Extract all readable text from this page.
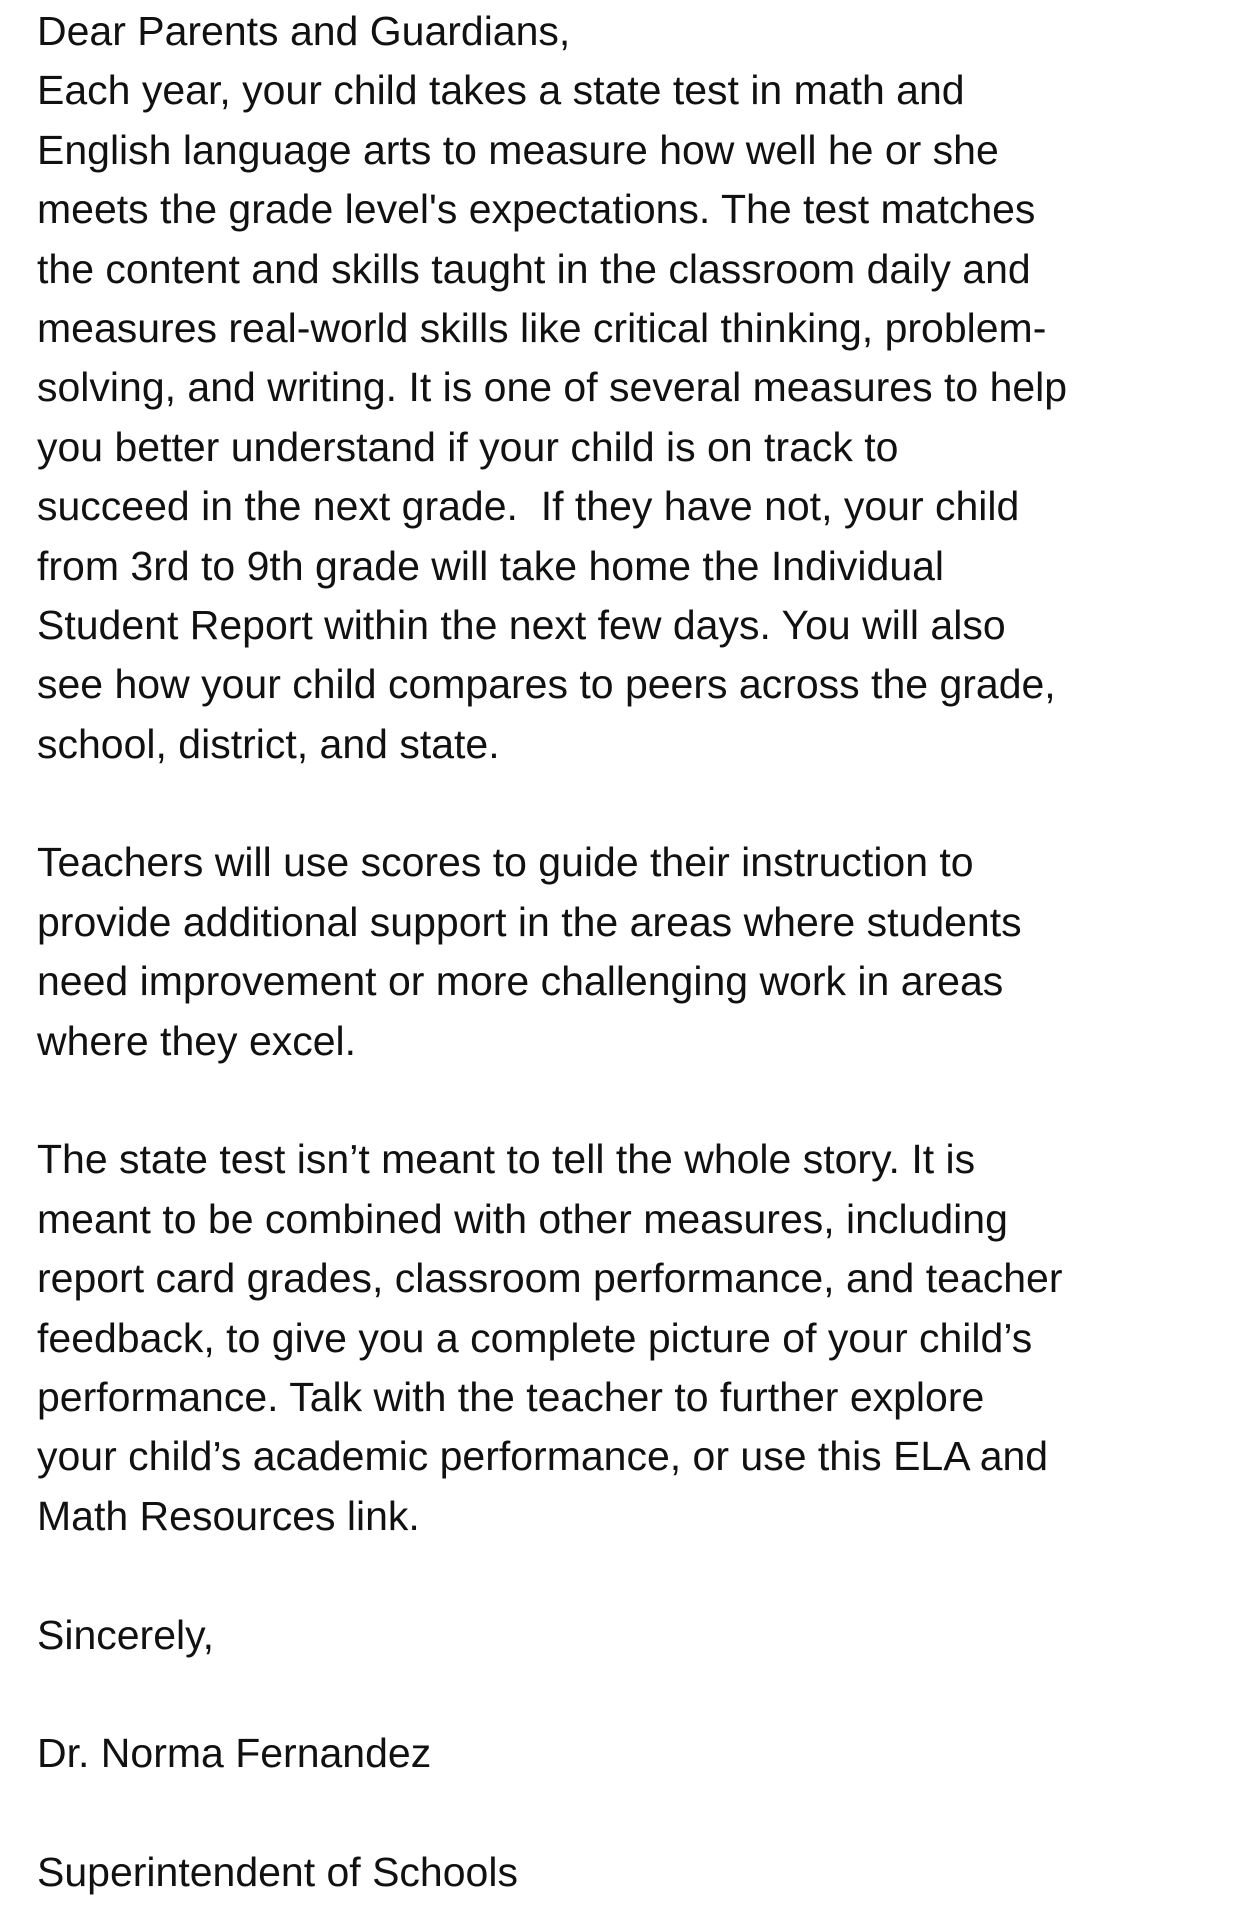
Dear Parents and Guardians,
Each year, your child takes a state test in math and
English language arts to measure how well he or she
meets the grade level's expectations. The test matches
the content and skills taught in the classroom daily and
measures real-world skills like critical thinking, problem-
solving, and writing. It is one of several measures to help
you better understand if your child is on track to
succeed in the next grade.  If they have not, your child
from 3rd to 9th grade will take home the Individual
Student Report within the next few days. You will also
see how your child compares to peers across the grade,
school, district, and state.
Teachers will use scores to guide their instruction to
provide additional support in the areas where students
need improvement or more challenging work in areas
where they excel.
The state test isn’t meant to tell the whole story. It is
meant to be combined with other measures, including
report card grades, classroom performance, and teacher
feedback, to give you a complete picture of your child’s
performance. Talk with the teacher to further explore
your child’s academic performance, or use this ELA and
Math Resources link.
Sincerely,
Dr. Norma Fernandez
Superintendent of Schools
